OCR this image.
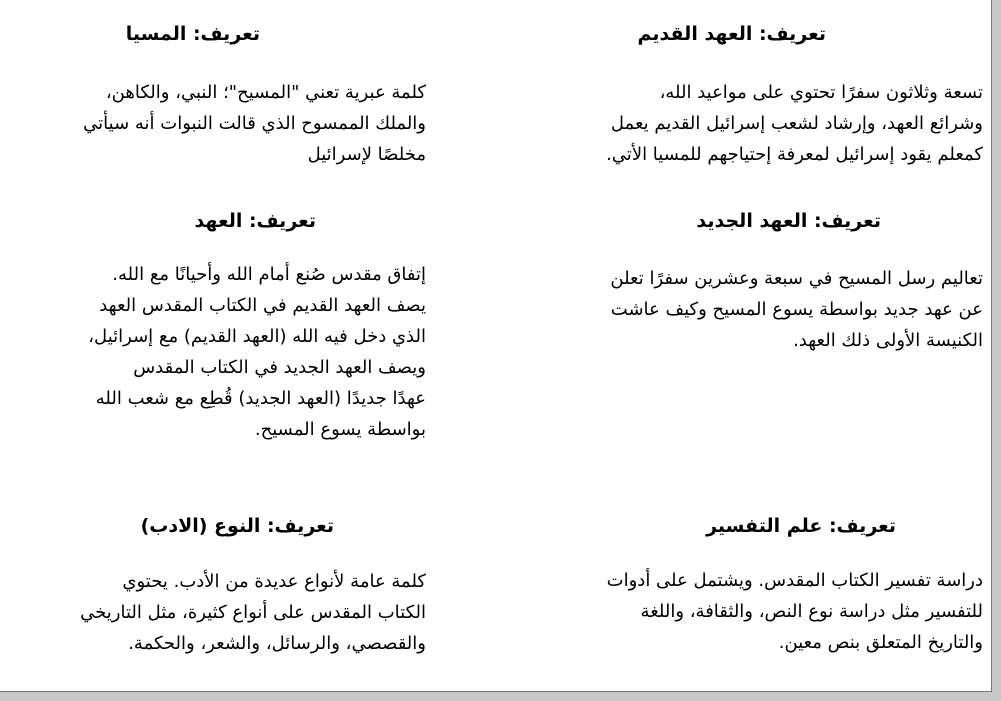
تعريف: العهد القديم
تسعة وثلاثون سفرًا تحتوي على مواعيد الله،
وشرائع العهد، وإرشاد لشعب إسرائيل القديم يعمل
كمعلم يقود إسرائيل لمعرفة إحتياجهم للمسيا الأتي.
تعريف: المسيا
كلمة عبرية تعني "المسيح"؛ النبي، والكاهن،
والملك الممسوح الذي قالت النبوات أنه سيأتي
مخلصًا لإسرائيل
تعريف: العهد الجديد
تعاليم رسل المسيح في سبعة وعشرين سفرًا تعلن
عن عهد جديد بواسطة يسوع المسيح وكيف عاشت
الكنيسة الأولى ذلك العهد.
تعريف: العهد
إتفاق مقدس صُنع أمام الله وأحيانًا مع الله.
يصف العهد القديم في الكتاب المقدس العهد
الذي دخل فيه الله (العهد القديم) مع إسرائيل،
ويصف العهد الجديد في الكتاب المقدس
عهدًا جديدًا (العهد الجديد) قُطِع مع شعب الله
بواسطة يسوع المسيح.
تعريف: علم التفسير
دراسة تفسير الكتاب المقدس. ويشتمل على أدوات
للتفسير مثل دراسة نوع النص، والثقافة، واللغة
والتاريخ المتعلق بنص معين.
تعريف: النوع (الادب)
كلمة عامة لأنواع عديدة من الأدب. يحتوي
الكتاب المقدس على أنواع كثيرة، مثل التاريخي
والقصصي، والرسائل، والشعر، والحكمة.
